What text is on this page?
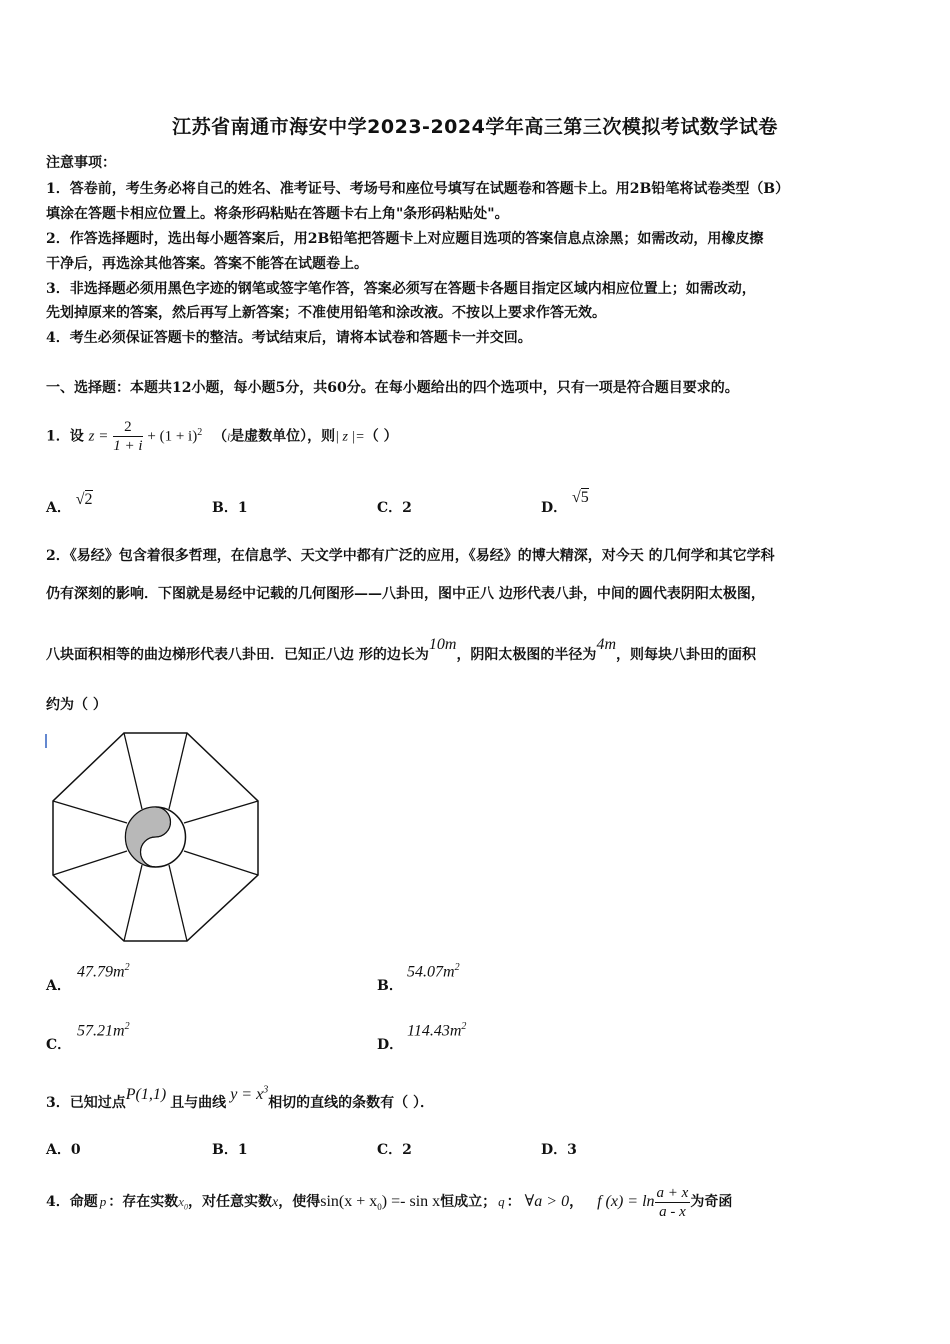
江苏省南通市海安中学2023-2024学年高三第三次模拟考试数学试卷
注意事项：
1．答卷前，考生务必将自己的姓名、准考证号、考场号和座位号填写在试题卷和答题卡上。用2B铅笔将试卷类型（B）
填涂在答题卡相应位置上。将条形码粘贴在答题卡右上角"条形码粘贴处"。
2．作答选择题时，选出每小题答案后，用2B铅笔把答题卡上对应题目选项的答案信息点涂黑；如需改动，用橡皮擦
干净后，再选涂其他答案。答案不能答在试题卷上。
3．非选择题必须用黑色字迹的钢笔或签字笔作答，答案必须写在答题卡各题目指定区域内相应位置上；如需改动，
先划掉原来的答案，然后再写上新答案；不准使用铅笔和涂改液。不按以上要求作答无效。
4．考生必须保证答题卡的整洁。考试结束后，请将本试卷和答题卡一并交回。
一、选择题：本题共12小题，每小题5分，共60分。在每小题给出的四个选项中，只有一项是符合题目要求的。
1．设 $z = \frac{2}{1 + i} + (1 + i)^2$ （i是虚数单位），则| z |=（ ）
A． √2	B．1	C．2	D． √5
2．《易经》包含着很多哲理，在信息学、天文学中都有广泛的应用，《易经》的博大精深，对今天 的几何学和其它学科
仍有深刻的影响．下图就是易经中记载的几何图形——八卦田，图中正八 边形代表八卦，中间的圆代表阴阳太极图，
八块面积相等的曲边梯形代表八卦田．已知正八边 形的边长为10m，阴阳太极图的半径为4m，则每块八卦田的面积
约为（ ）
A．
$47.79m^2$
B．
$54.07m^2$
C．
$57.21m^2$
D．
$114.43m^2$
3．已知过点P(1,1) 且与曲线 $y = x^3$相切的直线的条数有（ ）．
A．0	B．1	C．2	D．3
4．命题 p ：存在实数$x_0$，对任意实数x，使得$\sin(x + x_0) =- \sin x$恒成立； q ： ∀a > 0， f $(x) = \ln \frac{a + x}{a - x}$ 为奇函
